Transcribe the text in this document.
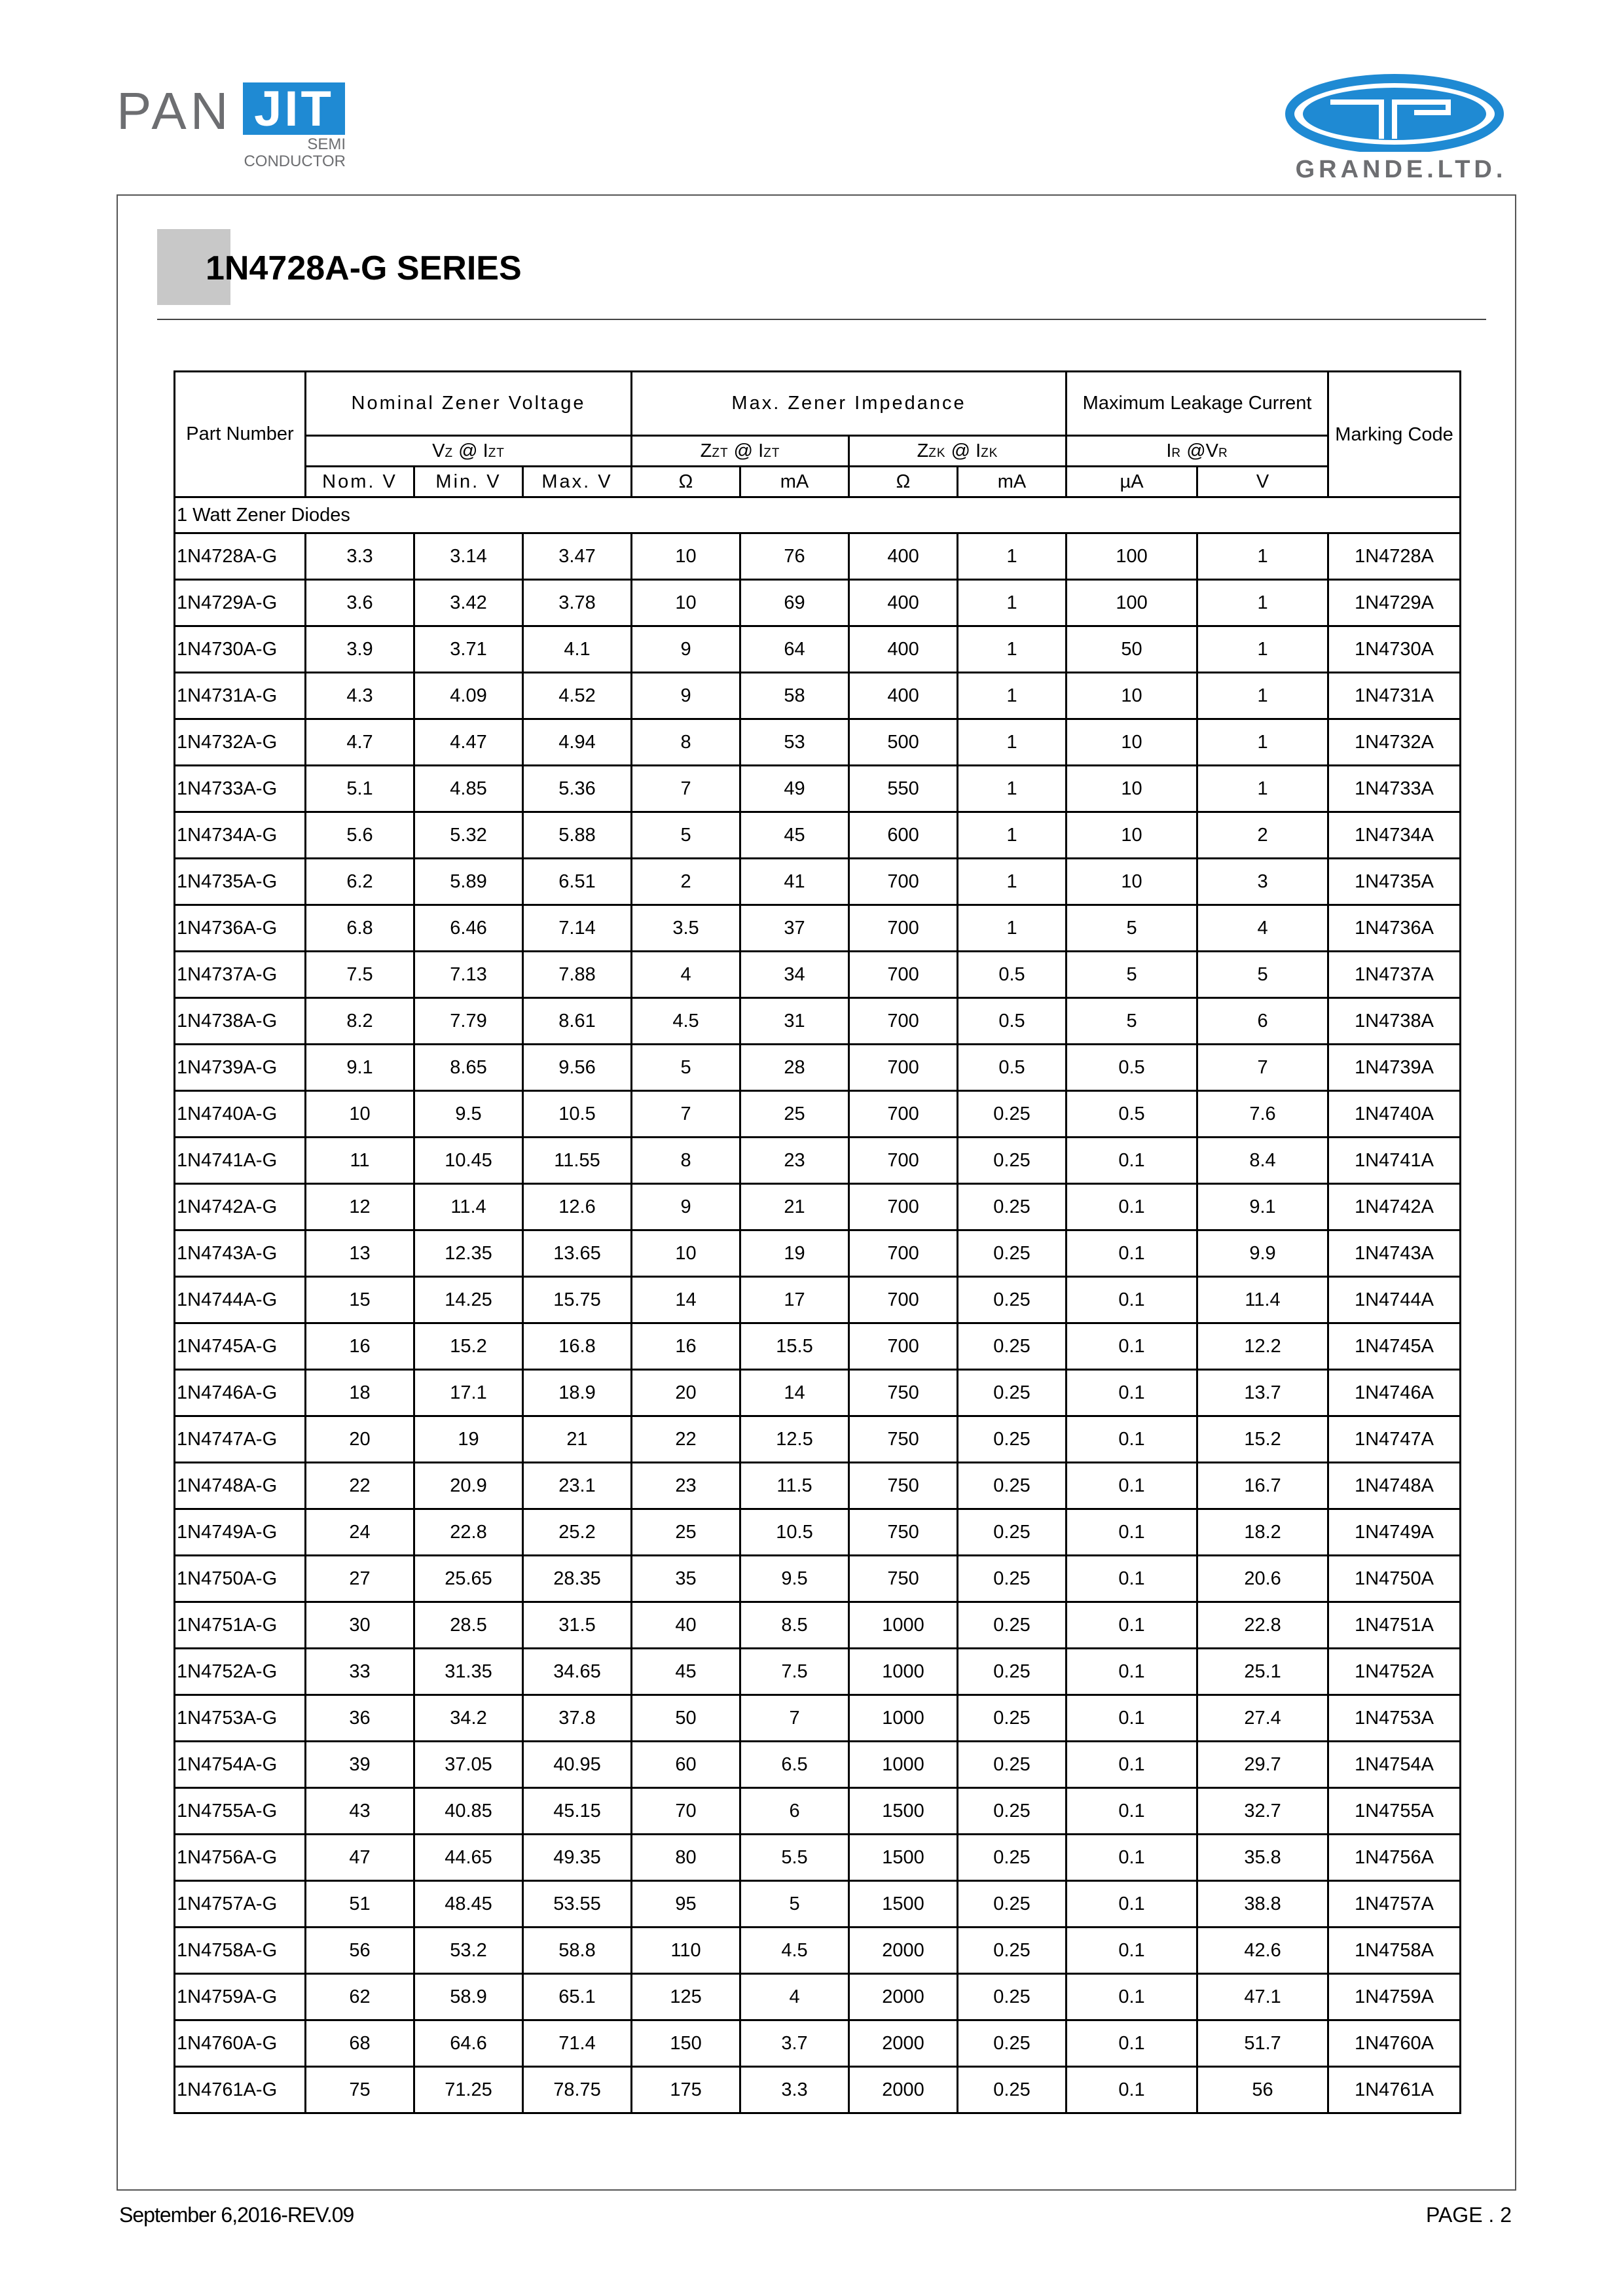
PAN JIT
SEMI
CONDUCTOR	GRANDE.LTD.
1N4728A-G SERIES
Part Number	Nominal Zener Voltage			Max. Zener Impedance				Maximum Leakage Current		Marking Code
	VZ @ IZT			ZZT @ IZT		ZZK @ IZK		IR @VR		
	Nom. V	Min. V	Max. V	Ω	mA	Ω	mA	µA	V	
1 Watt Zener Diodes										
1N4728A-G	3.3	3.14	3.47	10	76	400	1	100	1	1N4728A
1N4729A-G	3.6	3.42	3.78	10	69	400	1	100	1	1N4729A
1N4730A-G	3.9	3.71	4.1	9	64	400	1	50	1	1N4730A
1N4731A-G	4.3	4.09	4.52	9	58	400	1	10	1	1N4731A
1N4732A-G	4.7	4.47	4.94	8	53	500	1	10	1	1N4732A
1N4733A-G	5.1	4.85	5.36	7	49	550	1	10	1	1N4733A
1N4734A-G	5.6	5.32	5.88	5	45	600	1	10	2	1N4734A
1N4735A-G	6.2	5.89	6.51	2	41	700	1	10	3	1N4735A
1N4736A-G	6.8	6.46	7.14	3.5	37	700	1	5	4	1N4736A
1N4737A-G	7.5	7.13	7.88	4	34	700	0.5	5	5	1N4737A
1N4738A-G	8.2	7.79	8.61	4.5	31	700	0.5	5	6	1N4738A
1N4739A-G	9.1	8.65	9.56	5	28	700	0.5	0.5	7	1N4739A
1N4740A-G	10	9.5	10.5	7	25	700	0.25	0.5	7.6	1N4740A
1N4741A-G	11	10.45	11.55	8	23	700	0.25	0.1	8.4	1N4741A
1N4742A-G	12	11.4	12.6	9	21	700	0.25	0.1	9.1	1N4742A
1N4743A-G	13	12.35	13.65	10	19	700	0.25	0.1	9.9	1N4743A
1N4744A-G	15	14.25	15.75	14	17	700	0.25	0.1	11.4	1N4744A
1N4745A-G	16	15.2	16.8	16	15.5	700	0.25	0.1	12.2	1N4745A
1N4746A-G	18	17.1	18.9	20	14	750	0.25	0.1	13.7	1N4746A
1N4747A-G	20	19	21	22	12.5	750	0.25	0.1	15.2	1N4747A
1N4748A-G	22	20.9	23.1	23	11.5	750	0.25	0.1	16.7	1N4748A
1N4749A-G	24	22.8	25.2	25	10.5	750	0.25	0.1	18.2	1N4749A
1N4750A-G	27	25.65	28.35	35	9.5	750	0.25	0.1	20.6	1N4750A
1N4751A-G	30	28.5	31.5	40	8.5	1000	0.25	0.1	22.8	1N4751A
1N4752A-G	33	31.35	34.65	45	7.5	1000	0.25	0.1	25.1	1N4752A
1N4753A-G	36	34.2	37.8	50	7	1000	0.25	0.1	27.4	1N4753A
1N4754A-G	39	37.05	40.95	60	6.5	1000	0.25	0.1	29.7	1N4754A
1N4755A-G	43	40.85	45.15	70	6	1500	0.25	0.1	32.7	1N4755A
1N4756A-G	47	44.65	49.35	80	5.5	1500	0.25	0.1	35.8	1N4756A
1N4757A-G	51	48.45	53.55	95	5	1500	0.25	0.1	38.8	1N4757A
1N4758A-G	56	53.2	58.8	110	4.5	2000	0.25	0.1	42.6	1N4758A
1N4759A-G	62	58.9	65.1	125	4	2000	0.25	0.1	47.1	1N4759A
1N4760A-G	68	64.6	71.4	150	3.7	2000	0.25	0.1	51.7	1N4760A
1N4761A-G	75	71.25	78.75	175	3.3	2000	0.25	0.1	56	1N4761A
September 6,2016-REV.09	PAGE . 2
